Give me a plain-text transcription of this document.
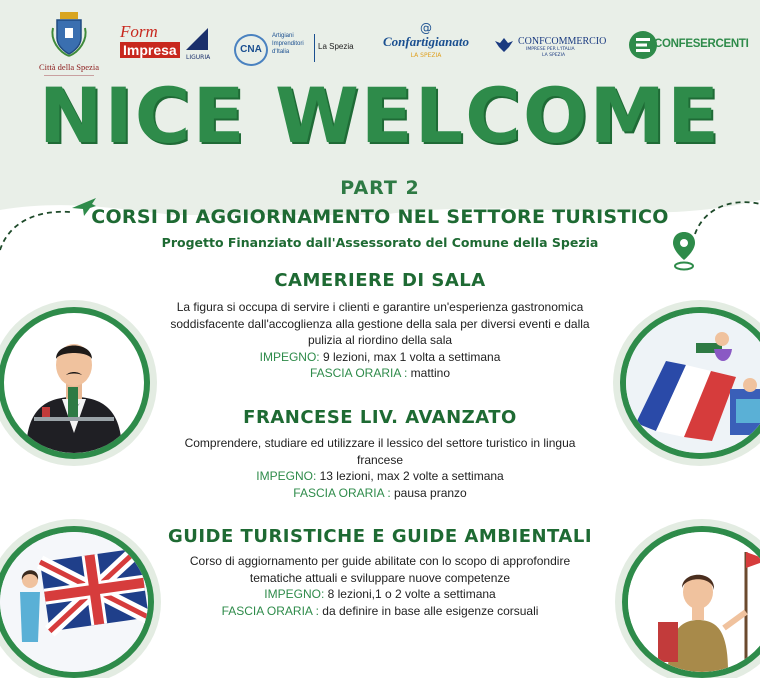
Città della Spezia
Form
Impresa LIGURIA
CNA
Artigiani Imprenditori d'Italia
La Spezia
@
Confartigianato
LA SPEZIA
CONFCOMMERCIO
IMPRESE PER L'ITALIA
LA SPEZIA
CONFESERCENTI
NICE WELCOME
PART 2
CORSI DI AGGIORNAMENTO NEL SETTORE TURISTICO
Progetto Finanziato dall'Assessorato del Comune della Spezia
CAMERIERE DI SALA
La figura si occupa di servire i clienti e garantire un'esperienza gastronomica soddisfacente dall'accoglienza alla gestione della sala per diversi eventi e dalla pulizia al riordino della sala
IMPEGNO: 9 lezioni, max 1 volta a settimana
FASCIA ORARIA : mattino
FRANCESE LIV. AVANZATO
Comprendere, studiare ed utilizzare il lessico del settore turistico in lingua francese
IMPEGNO: 13 lezioni, max 2 volte a settimana
FASCIA ORARIA : pausa pranzo
GUIDE TURISTICHE E GUIDE AMBIENTALI
Corso di aggiornamento per guide abilitate con lo scopo di approfondire tematiche attuali e sviluppare nuove competenze
IMPEGNO: 8 lezioni,1 o 2 volte a settimana
FASCIA ORARIA : da definire in base alle esigenze corsuali
